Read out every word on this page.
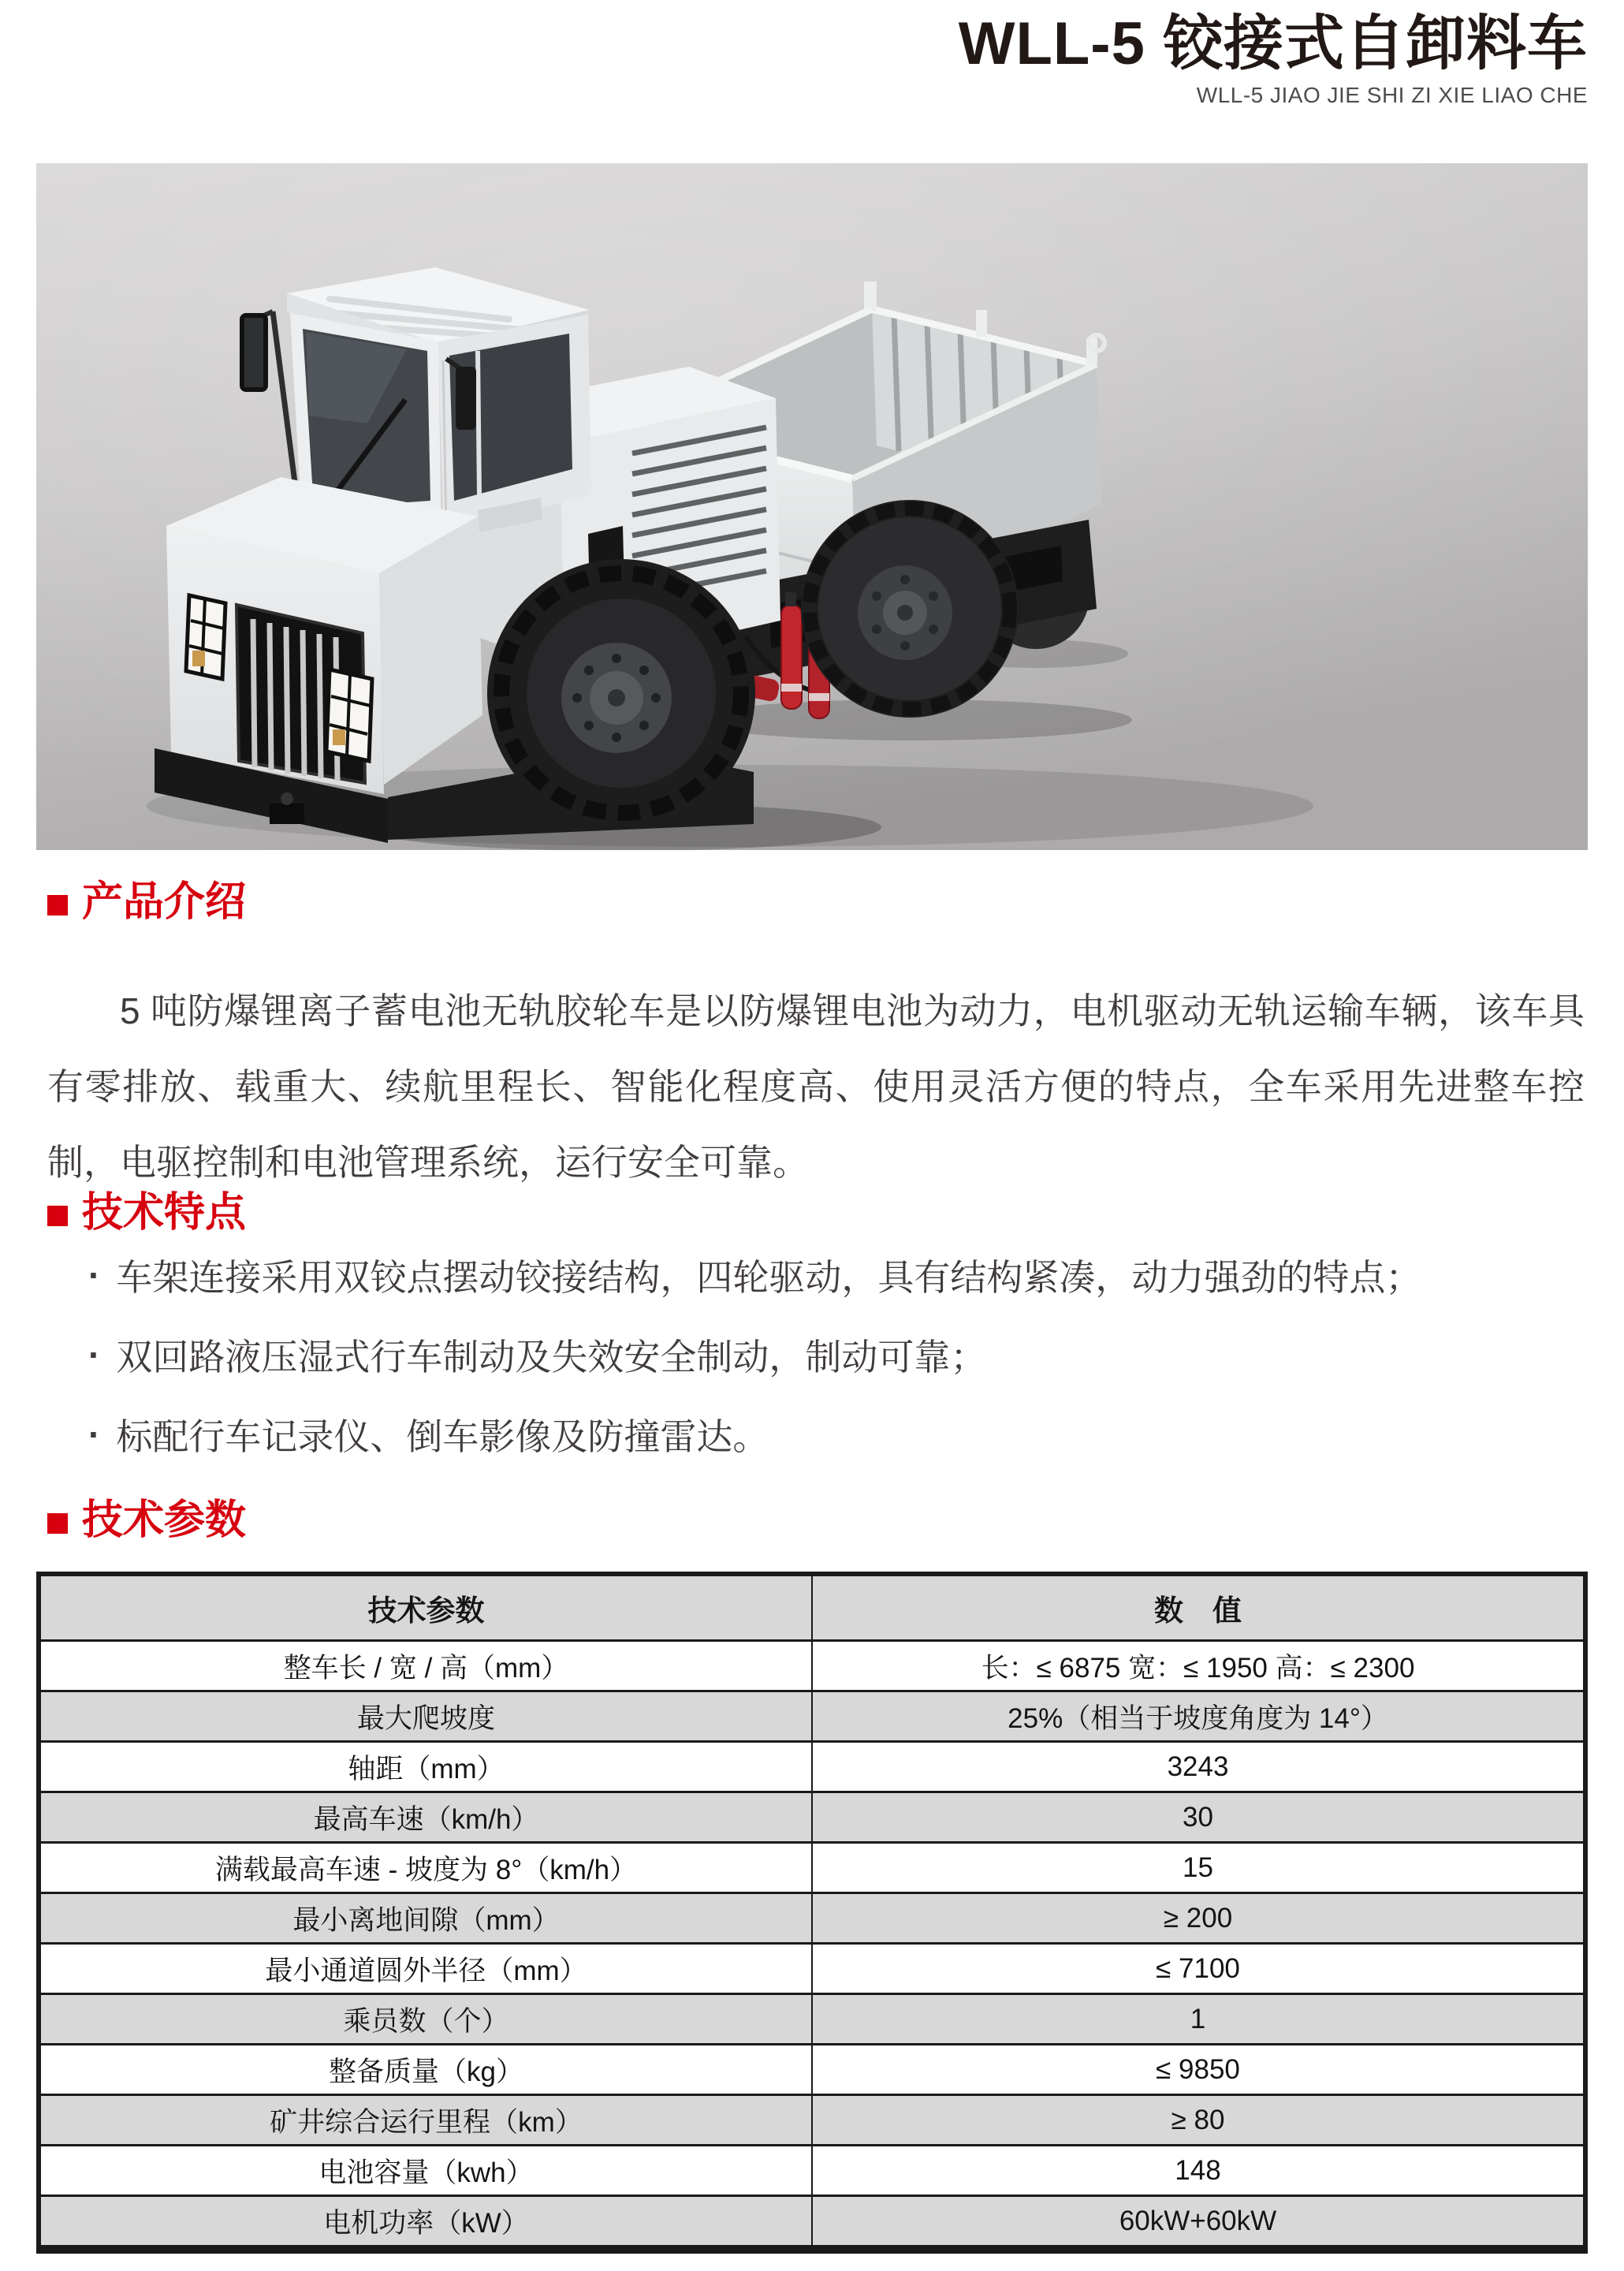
WLL-5 铰接式自卸料车
WLL-5 JIAO JIE SHI ZI XIE LIAO CHE
产品介绍

5 吨防爆锂离子蓄电池无轨胶轮车是以防爆锂电池为动力，电机驱动无轨运输车辆，该车具有零排放、载重大、续航里程长、智能化程度高、使用灵活方便的特点，全车采用先进整车控制，电驱控制和电池管理系统，运行安全可靠。

技术特点
· 车架连接采用双铰点摆动铰接结构，四轮驱动，具有结构紧凑，动力强劲的特点；
· 双回路液压湿式行车制动及失效安全制动，制动可靠；
· 标配行车记录仪、倒车影像及防撞雷达。
技术参数
技术参数	数　值
整车长 / 宽 / 高（mm）	长：≤ 6875 宽：≤ 1950 高：≤ 2300
最大爬坡度	25%（相当于坡度角度为 14°）
轴距（mm）	3243
最高车速（km/h）	30
满载最高车速 - 坡度为 8°（km/h）	15
最小离地间隙（mm）	≥ 200
最小通道圆外半径（mm）	≤ 7100
乘员数（个）	1
整备质量（kg）	≤ 9850
矿井综合运行里程（km）	≥ 80
电池容量（kwh）	148
电机功率（kW）	60kW+60kW
